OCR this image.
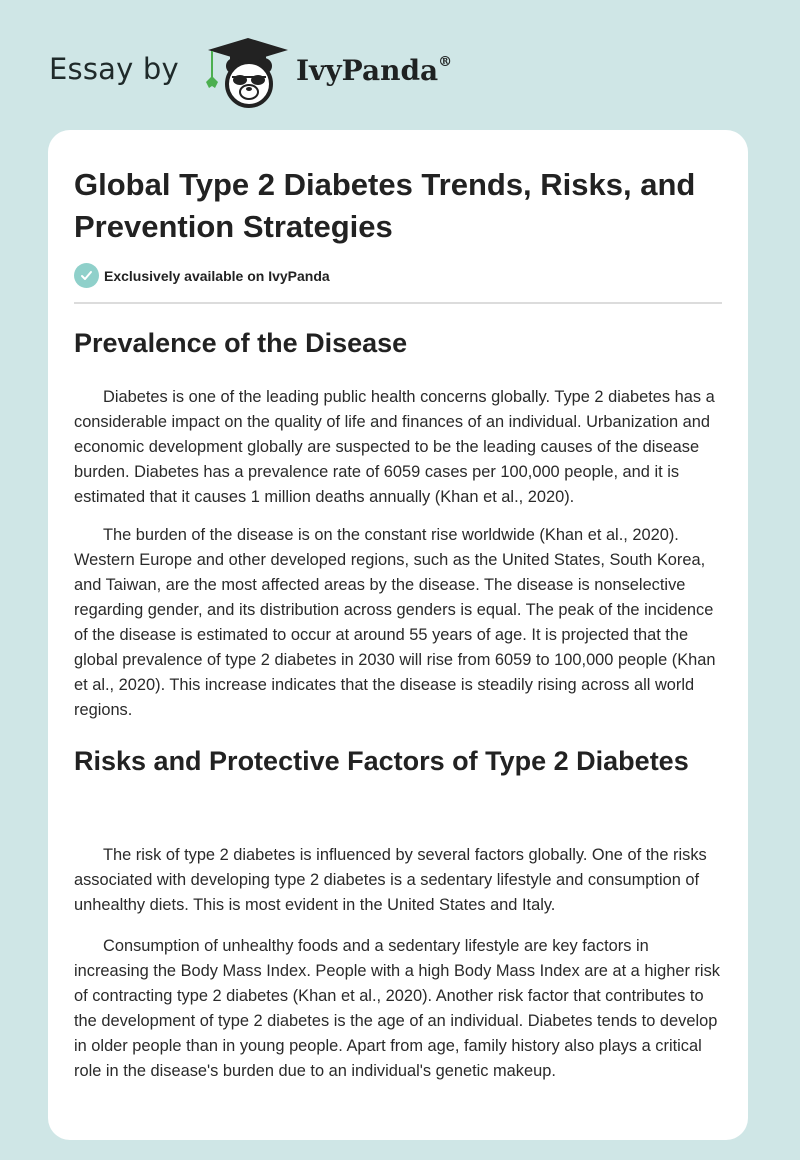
Essay by	IvyPanda®
Global Type 2 Diabetes Trends, Risks, and Prevention Strategies
Exclusively available on IvyPanda
Prevalence of the Disease

Diabetes is one of the leading public health concerns globally. Type 2 diabetes has a considerable impact on the quality of life and finances of an individual. Urbanization and economic development globally are suspected to be the leading causes of the disease burden. Diabetes has a prevalence rate of 6059 cases per 100,000 people, and it is estimated that it causes 1 million deaths annually (Khan et al., 2020).

The burden of the disease is on the constant rise worldwide (Khan et al., 2020). Western Europe and other developed regions, such as the United States, South Korea, and Taiwan, are the most affected areas by the disease. The disease is nonselective regarding gender, and its distribution across genders is equal. The peak of the incidence of the disease is estimated to occur at around 55 years of age. It is projected that the global prevalence of type 2 diabetes in 2030 will rise from 6059 to 100,000 people (Khan et al., 2020). This increase indicates that the disease is steadily rising across all world regions.

Risks and Protective Factors of Type 2 Diabetes

The risk of type 2 diabetes is influenced by several factors globally. One of the risks associated with developing type 2 diabetes is a sedentary lifestyle and consumption of unhealthy diets. This is most evident in the United States and Italy.

Consumption of unhealthy foods and a sedentary lifestyle are key factors in increasing the Body Mass Index. People with a high Body Mass Index are at a higher risk of contracting type 2 diabetes (Khan et al., 2020). Another risk factor that contributes to the development of type 2 diabetes is the age of an individual. Diabetes tends to develop in older people than in young people. Apart from age, family history also plays a critical role in the disease's burden due to an individual's genetic makeup.
